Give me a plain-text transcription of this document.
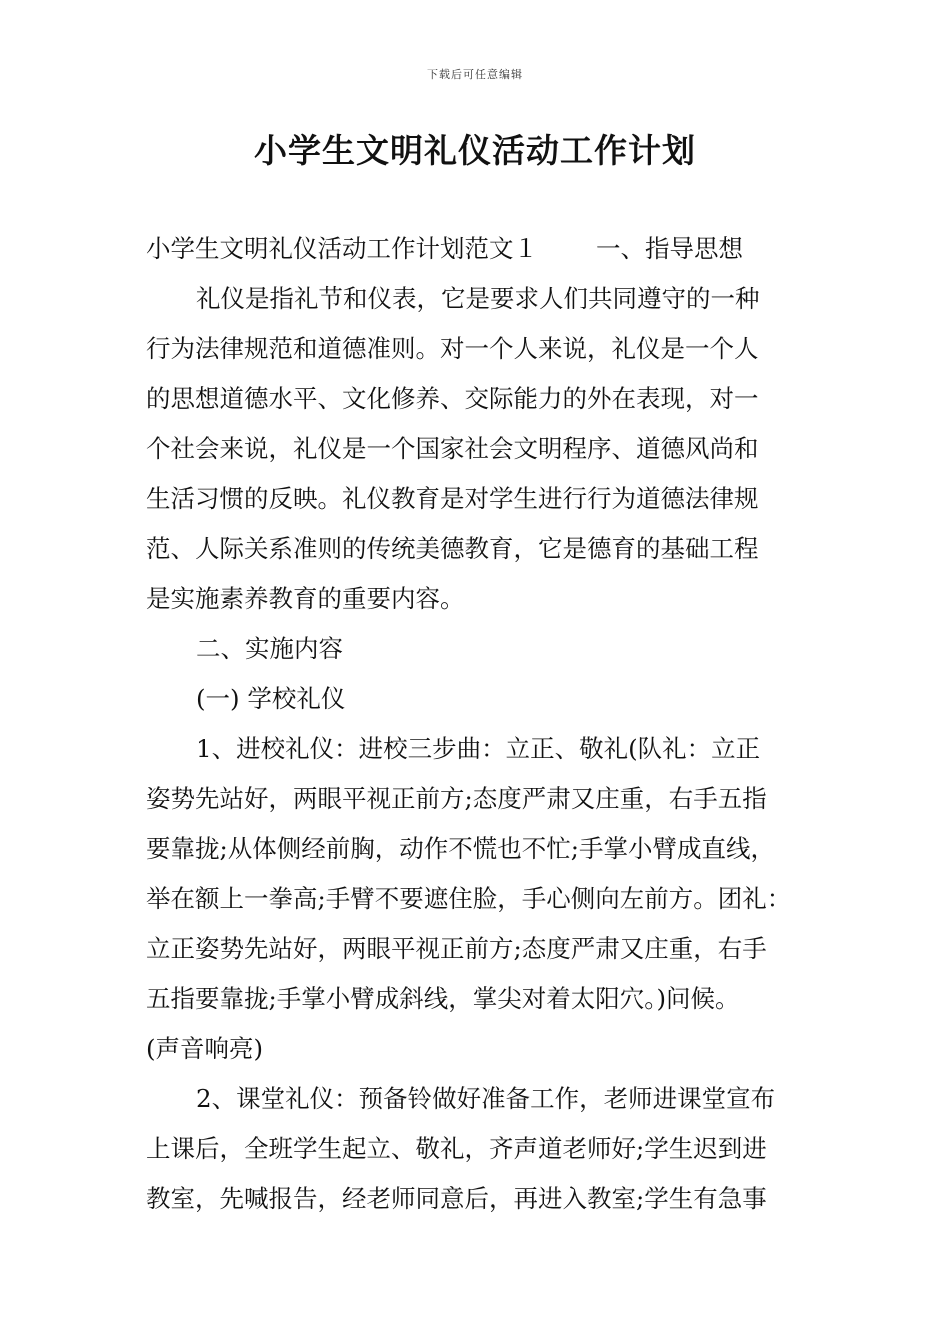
下载后可任意编辑
小学生文明礼仪活动工作计划
小学生文明礼仪活动工作计划范文１ 一、指导思想
礼仪是指礼节和仪表，它是要求人们共同遵守的一种
行为法律规范和道德准则。对一个人来说，礼仪是一个人
的思想道德水平、文化修养、交际能力的外在表现，对一
个社会来说，礼仪是一个国家社会文明程序、道德风尚和
生活习惯的反映。礼仪教育是对学生进行行为道德法律规
范、人际关系准则的传统美德教育，它是德育的基础工程
是实施素养教育的重要内容。
二、实施内容
(一) 学校礼仪
1、进校礼仪：进校三步曲：立正、敬礼(队礼：立正
姿势先站好，两眼平视正前方;态度严肃又庄重，右手五指
要靠拢;从体侧经前胸，动作不慌也不忙;手掌小臂成直线，
举在额上一拳高;手臂不要遮住脸，手心侧向左前方。团礼：
立正姿势先站好，两眼平视正前方;态度严肃又庄重，右手
五指要靠拢;手掌小臂成斜线，掌尖对着太阳穴。)问候。
(声音响亮)
2、课堂礼仪：预备铃做好准备工作，老师进课堂宣布
上课后，全班学生起立、敬礼，齐声道老师好;学生迟到进
教室，先喊报告，经老师同意后，再进入教室;学生有急事
